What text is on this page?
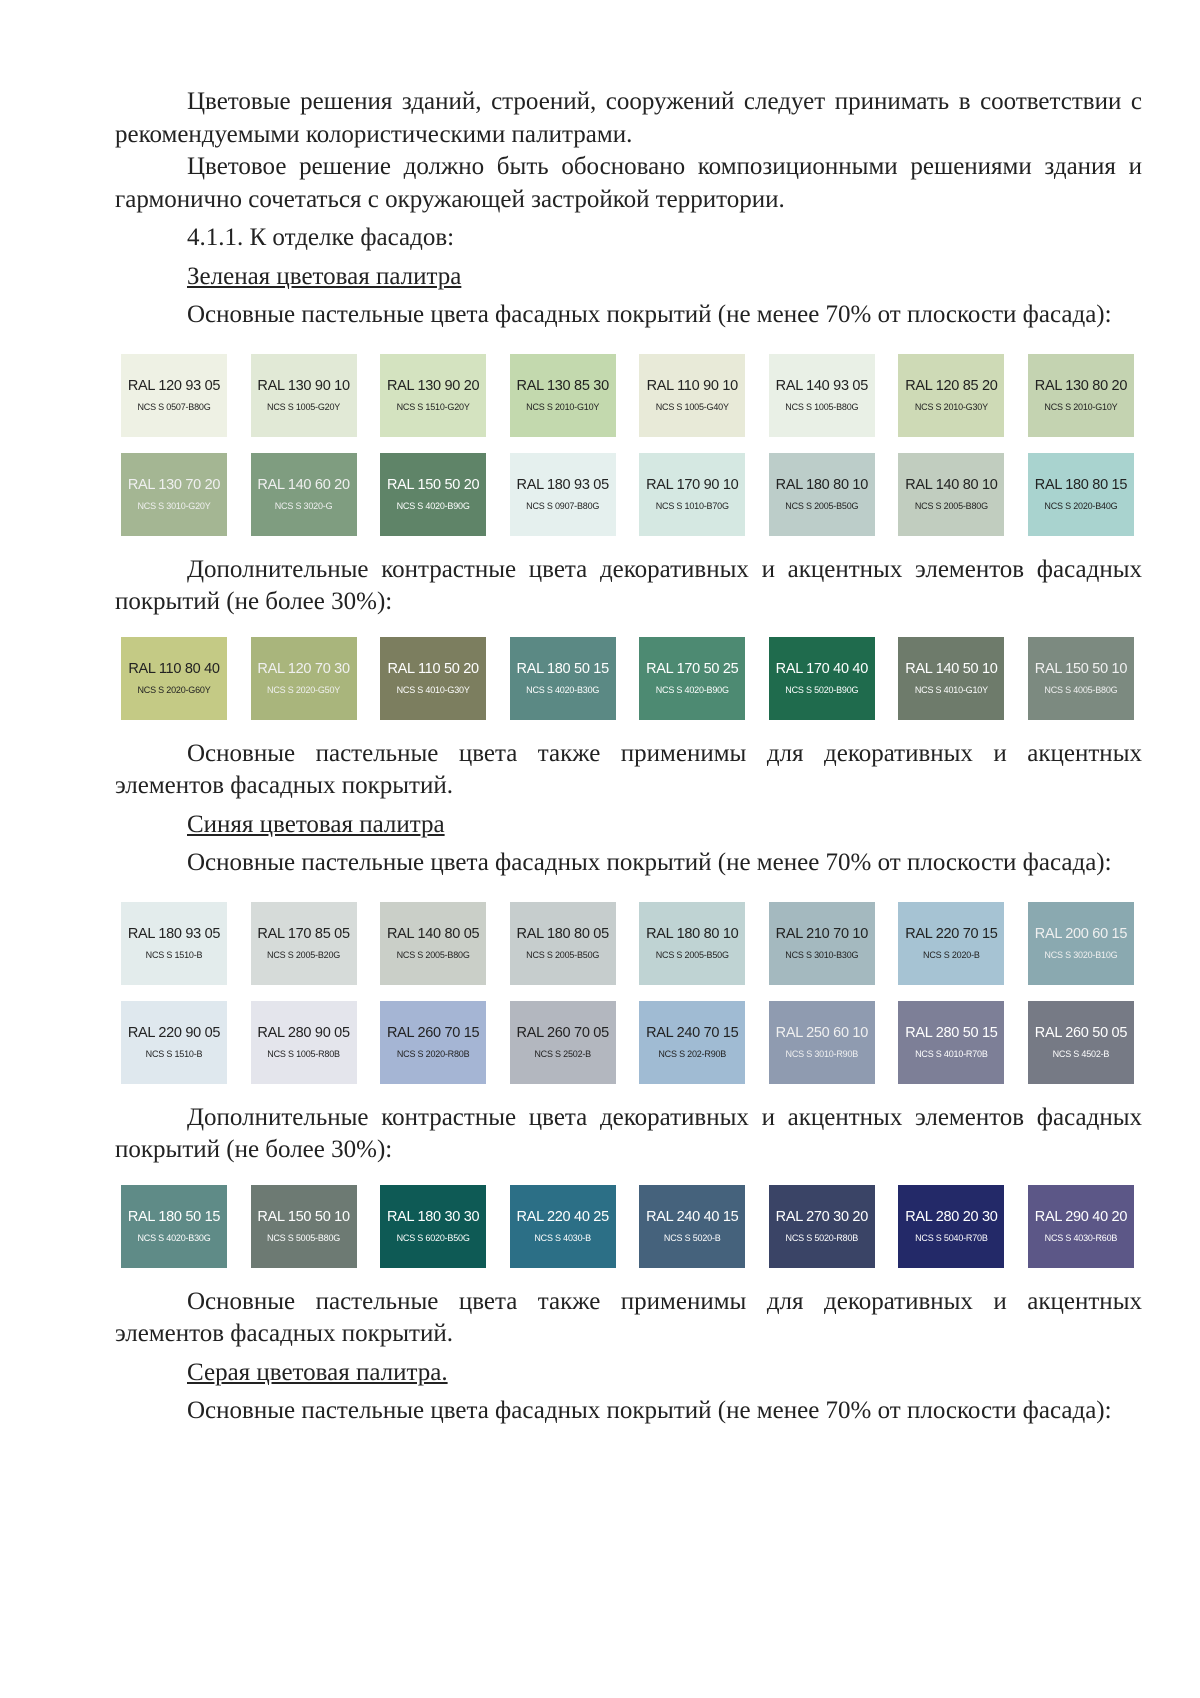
Цветовые решения зданий, строений, сооружений следует принимать в соответствии с рекомендуемыми колористическими палитрами.

Цветовое решение должно быть обосновано композиционными решениями здания и гармонично сочетаться с окружающей застройкой территории.

4.1.1. К отделке фасадов:
Зеленая цветовая палитра

Основные пастельные цвета фасадных покрытий (не менее 70% от плоскости фасада):

RAL 120 93 05
NCS S 0507-B80G
RAL 130 90 10
NCS S 1005-G20Y
RAL 130 90 20
NCS S 1510-G20Y
RAL 130 85 30
NCS S 2010-G10Y
RAL 110 90 10
NCS S 1005-G40Y
RAL 140 93 05
NCS S 1005-B80G
RAL 120 85 20
NCS S 2010-G30Y
RAL 130 80 20
NCS S 2010-G10Y
RAL 130 70 20
NCS S 3010-G20Y
RAL 140 60 20
NCS S 3020-G
RAL 150 50 20
NCS S 4020-B90G
RAL 180 93 05
NCS S 0907-B80G
RAL 170 90 10
NCS S 1010-B70G
RAL 180 80 10
NCS S 2005-B50G
RAL 140 80 10
NCS S 2005-B80G
RAL 180 80 15
NCS S 2020-B40G

Дополнительные контрастные цвета декоративных и акцентных элементов фасадных покрытий (не более 30%):

RAL 110 80 40
NCS S 2020-G60Y
RAL 120 70 30
NCS S 2020-G50Y
RAL 110 50 20
NCS S 4010-G30Y
RAL 180 50 15
NCS S 4020-B30G
RAL 170 50 25
NCS S 4020-B90G
RAL 170 40 40
NCS S 5020-B90G
RAL 140 50 10
NCS S 4010-G10Y
RAL 150 50 10
NCS S 4005-B80G

Основные пастельные цвета также применимы для декоративных и акцентных элементов фасадных покрытий.

Синяя цветовая палитра

Основные пастельные цвета фасадных покрытий (не менее 70% от плоскости фасада):

RAL 180 93 05
NCS S 1510-B
RAL 170 85 05
NCS S 2005-B20G
RAL 140 80 05
NCS S 2005-B80G
RAL 180 80 05
NCS S 2005-B50G
RAL 180 80 10
NCS S 2005-B50G
RAL 210 70 10
NCS S 3010-B30G
RAL 220 70 15
NCS S 2020-B
RAL 200 60 15
NCS S 3020-B10G
RAL 220 90 05
NCS S 1510-B
RAL 280 90 05
NCS S 1005-R80B
RAL 260 70 15
NCS S 2020-R80B
RAL 260 70 05
NCS S 2502-B
RAL 240 70 15
NCS S 202-R90B
RAL 250 60 10
NCS S 3010-R90B
RAL 280 50 15
NCS S 4010-R70B
RAL 260 50 05
NCS S 4502-B

Дополнительные контрастные цвета декоративных и акцентных элементов фасадных покрытий (не более 30%):

RAL 180 50 15
NCS S 4020-B30G
RAL 150 50 10
NCS S 5005-B80G
RAL 180 30 30
NCS S 6020-B50G
RAL 220 40 25
NCS S 4030-B
RAL 240 40 15
NCS S 5020-B
RAL 270 30 20
NCS S 5020-R80B
RAL 280 20 30
NCS S 5040-R70B
RAL 290 40 20
NCS S 4030-R60B

Основные пастельные цвета также применимы для декоративных и акцентных элементов фасадных покрытий.

Серая цветовая палитра.

Основные пастельные цвета фасадных покрытий (не менее 70% от плоскости фасада):
